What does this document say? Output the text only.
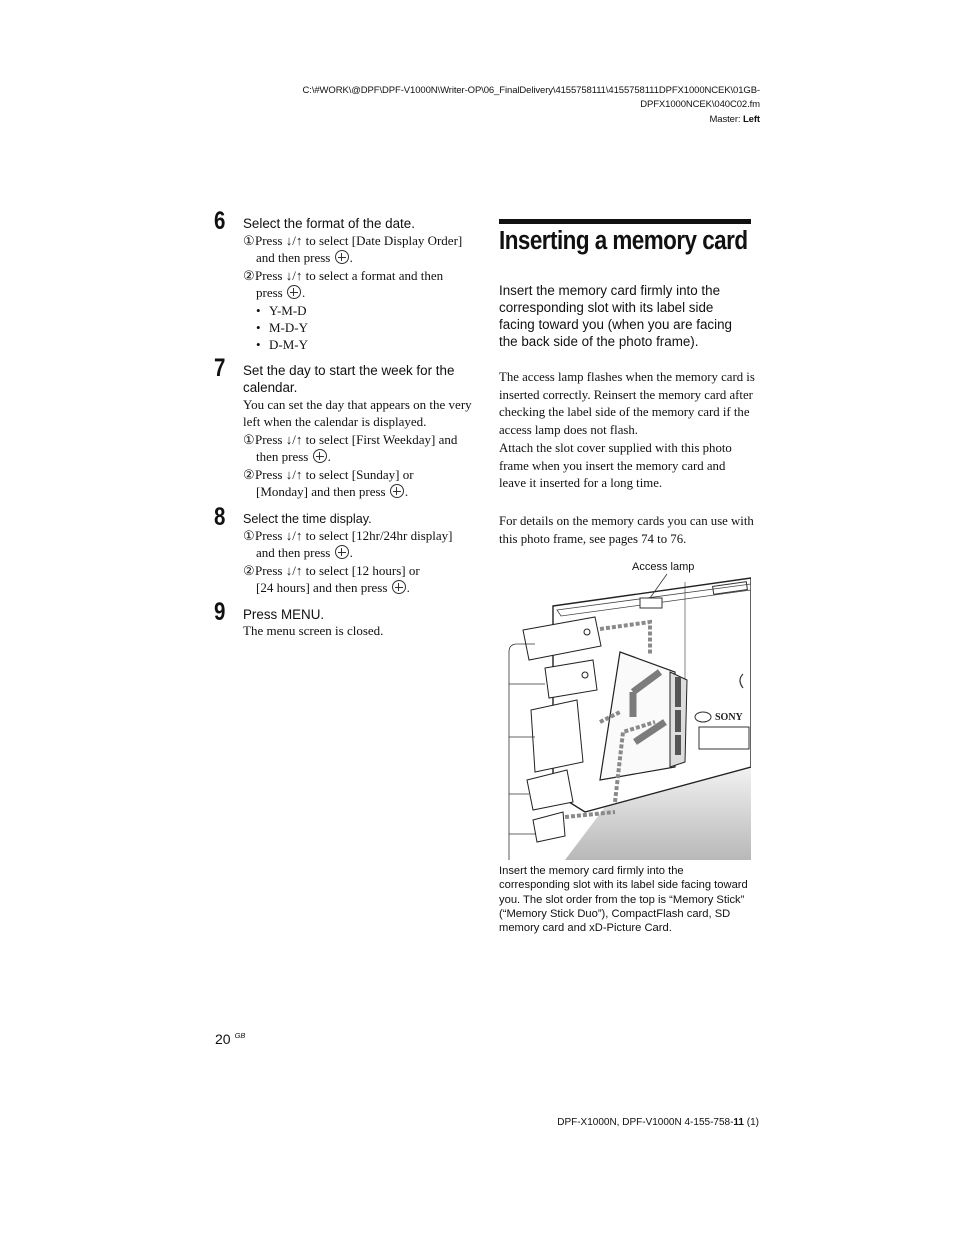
C:\#WORK\@DPF\DPF-V1000N\Writer-OP\06_FinalDelivery\4155758111\4155758111DPFX1000NCEK\01GB-
DPFX1000NCEK\040C02.fm
Master: Left
6 Select the format of the date.
①Press ↓/↑ to select [Date Display Order]
and then press .
②Press ↓/↑ to select a format and then
press .
• Y-M-D
• M-D-Y
• D-M-Y
7 Set the day to start the week for the calendar.
You can set the day that appears on the very left when the calendar is displayed.
①Press ↓/↑ to select [First Weekday] and
then press .
②Press ↓/↑ to select [Sunday] or
[Monday] and then press .
8 Select the time display.
①Press ↓/↑ to select [12hr/24hr display]
and then press .
②Press ↓/↑ to select [12 hours] or
[24 hours] and then press .
9 Press MENU.
The menu screen is closed.
Inserting a memory card
Insert the memory card firmly into the corresponding slot with its label side facing toward you (when you are facing the back side of the photo frame).

The access lamp flashes when the memory card is inserted correctly. Reinsert the memory card after checking the label side of the memory card if the access lamp does not flash.

Attach the slot cover supplied with this photo frame when you insert the memory card and leave it inserted for a long time.

For details on the memory cards you can use with this photo frame, see pages 74 to 76.

Access lamp
SONY
Insert the memory card firmly into the corresponding slot with its label side facing toward you. The slot order from the top is “Memory Stick” (“Memory Stick Duo”), CompactFlash card, SD memory card and xD-Picture Card.
20 $^{GB}$
DPF-X1000N, DPF-V1000N 4-155-758-11 (1)
